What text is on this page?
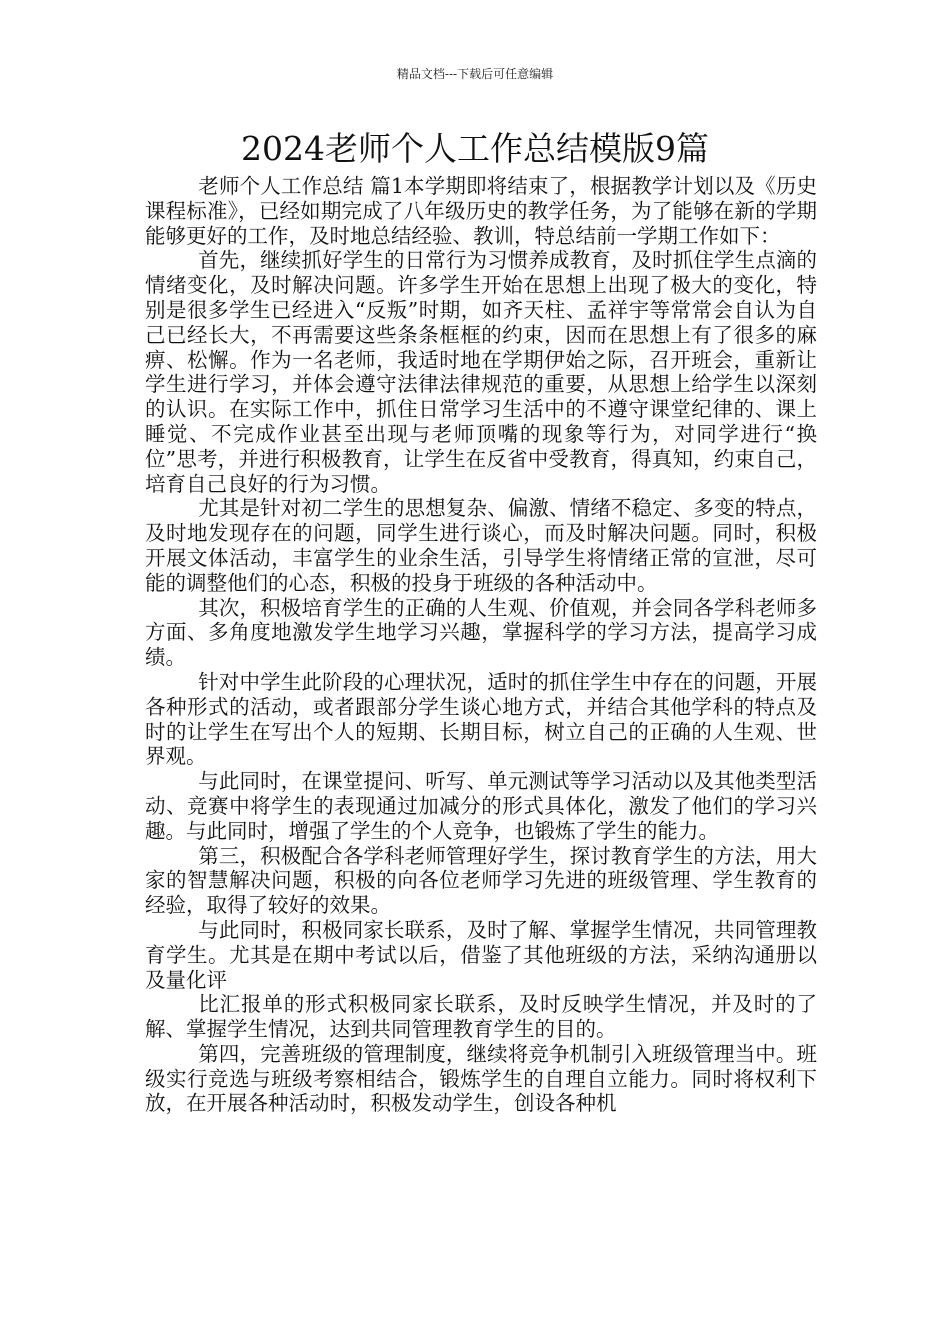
精品文档---下载后可任意编辑
2024老师个人工作总结模版9篇

老师个人工作总结 篇1本学期即将结束了，根据教学计划以及《历史课程标准》，已经如期完成了八年级历史的教学任务，为了能够在新的学期能够更好的工作，及时地总结经验、教训，特总结前一学期工作如下：

首先，继续抓好学生的日常行为习惯养成教育，及时抓住学生点滴的情绪变化，及时解决问题。许多学生开始在思想上出现了极大的变化，特别是很多学生已经进入“反叛”时期，如齐天柱、孟祥宇等常常会自认为自己已经长大，不再需要这些条条框框的约束，因而在思想上有了很多的麻痹、松懈。作为一名老师，我适时地在学期伊始之际，召开班会，重新让学生进行学习，并体会遵守法律法律规范的重要，从思想上给学生以深刻的认识。在实际工作中，抓住日常学习生活中的不遵守课堂纪律的、课上睡觉、不完成作业甚至出现与老师顶嘴的现象等行为，对同学进行“换位”思考，并进行积极教育，让学生在反省中受教育，得真知，约束自己，培育自己良好的行为习惯。

尤其是针对初二学生的思想复杂、偏激、情绪不稳定、多变的特点，及时地发现存在的问题，同学生进行谈心，而及时解决问题。同时，积极开展文体活动，丰富学生的业余生活，引导学生将情绪正常的宣泄，尽可能的调整他们的心态，积极的投身于班级的各种活动中。

其次，积极培育学生的正确的人生观、价值观，并会同各学科老师多方面、多角度地激发学生地学习兴趣，掌握科学的学习方法，提高学习成绩。

针对中学生此阶段的心理状况，适时的抓住学生中存在的问题，开展各种形式的活动，或者跟部分学生谈心地方式，并结合其他学科的特点及时的让学生在写出个人的短期、长期目标，树立自己的正确的人生观、世界观。

与此同时，在课堂提问、听写、单元测试等学习活动以及其他类型活动、竞赛中将学生的表现通过加减分的形式具体化，激发了他们的学习兴趣。与此同时，增强了学生的个人竞争，也锻炼了学生的能力。

第三，积极配合各学科老师管理好学生，探讨教育学生的方法，用大家的智慧解决问题，积极的向各位老师学习先进的班级管理、学生教育的经验，取得了较好的效果。

与此同时，积极同家长联系，及时了解、掌握学生情况，共同管理教育学生。尤其是在期中考试以后，借鉴了其他班级的方法，采纳沟通册以及量化评

比汇报单的形式积极同家长联系，及时反映学生情况，并及时的了解、掌握学生情况，达到共同管理教育学生的目的。

第四，完善班级的管理制度，继续将竞争机制引入班级管理当中。班级实行竞选与班级考察相结合，锻炼学生的自理自立能力。同时将权利下放，在开展各种活动时，积极发动学生，创设各种机
